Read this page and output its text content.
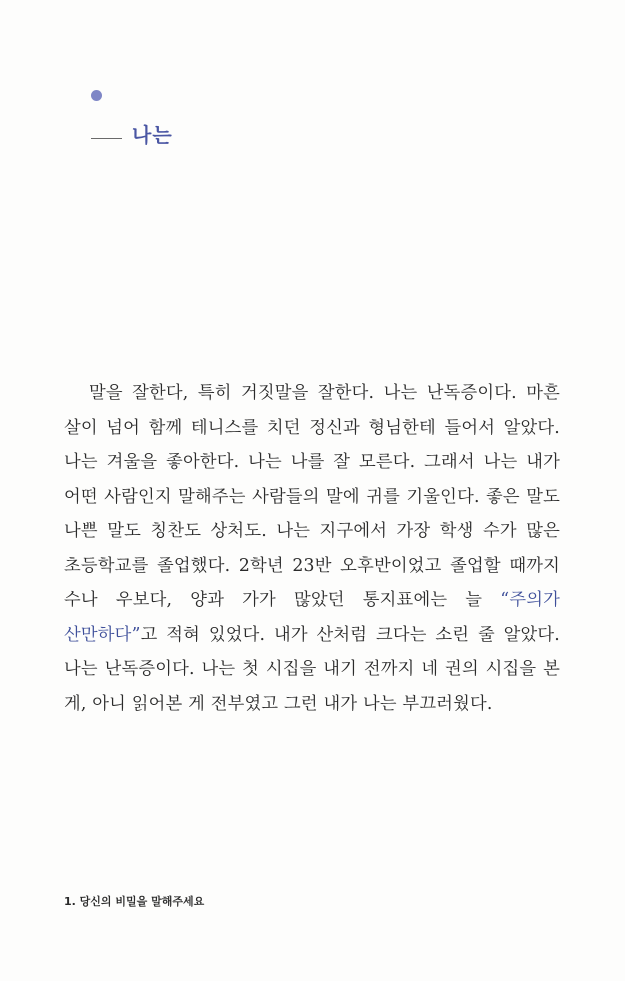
나는

말을 잘한다, 특히 거짓말을 잘한다. 나는 난독증이다. 마흔 살이 넘어 함께 테니스를 치던 정신과 형님한테 들어서 알았다. 나는 겨울을 좋아한다. 나는 나를 잘 모른다. 그래서 나는 내가 어떤 사람인지 말해주는 사람들의 말에 귀를 기울인다. 좋은 말도 나쁜 말도 칭찬도 상처도. 나는 지구에서 가장 학생 수가 많은 초등학교를 졸업했다. 2학년 23반 오후반이었고 졸업할 때까지 수나 우보다, 양과 가가 많았던 통지표에는 늘 “주의가 산만하다”고 적혀 있었다. 내가 산처럼 크다는 소린 줄 알았다. 나는 난독증이다. 나는 첫 시집을 내기 전까지 네 권의 시집을 본 게, 아니 읽어본 게 전부였고 그런 내가 나는 부끄러웠다.

1. 당신의 비밀을 말해주세요
